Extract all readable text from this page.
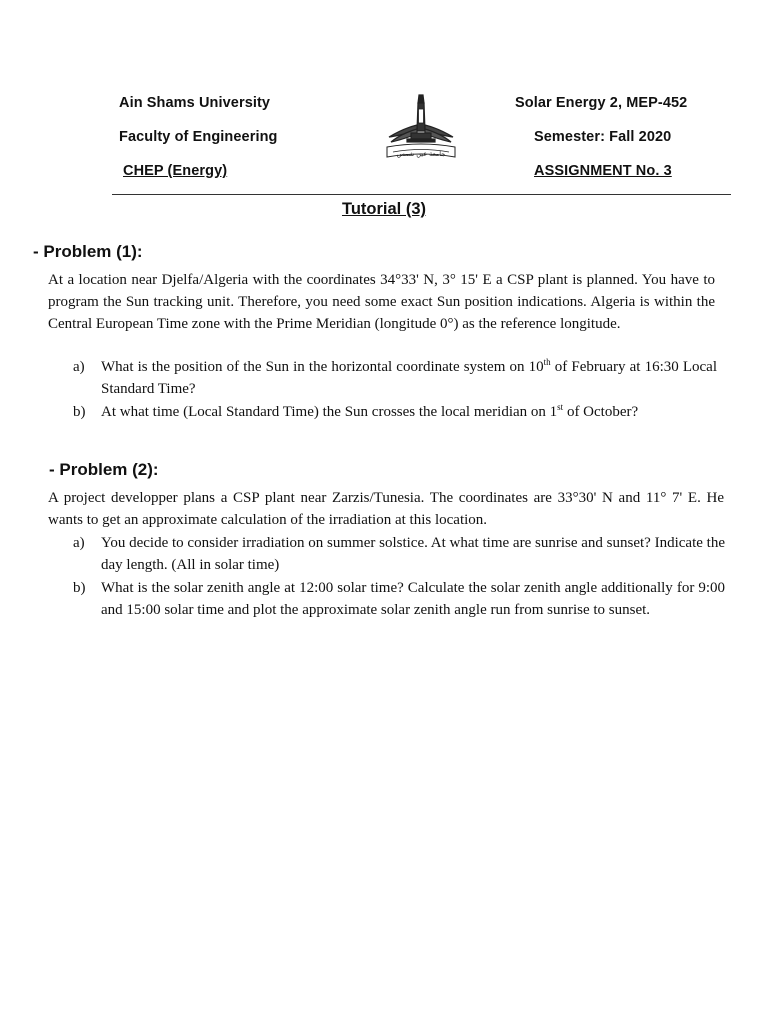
Ain Shams University
Faculty of Engineering
CHEP (Energy)
Solar Energy 2, MEP-452
Semester: Fall 2020
ASSIGNMENT No. 3
جامعة عين شمس
Tutorial (3)
- Problem (1):
At a location near Djelfa/Algeria with the coordinates 34°33' N, 3° 15' E a CSP plant is planned. You have to program the Sun tracking unit. Therefore, you need some exact Sun position indications. Algeria is within the Central European Time zone with the Prime Meridian (longitude 0°) as the reference longitude.
a) What is the position of the Sun in the horizontal coordinate system on 10th of February at 16:30 Local Standard Time?
b) At what time (Local Standard Time) the Sun crosses the local meridian on 1st of October?
- Problem (2):
A project developper plans a CSP plant near Zarzis/Tunesia. The coordinates are 33°30' N and 11° 7' E. He wants to get an approximate calculation of the irradiation at this location.
a) You decide to consider irradiation on summer solstice. At what time are sunrise and sunset? Indicate the day length. (All in solar time)
b) What is the solar zenith angle at 12:00 solar time? Calculate the solar zenith angle additionally for 9:00 and 15:00 solar time and plot the approximate solar zenith angle run from sunrise to sunset.
